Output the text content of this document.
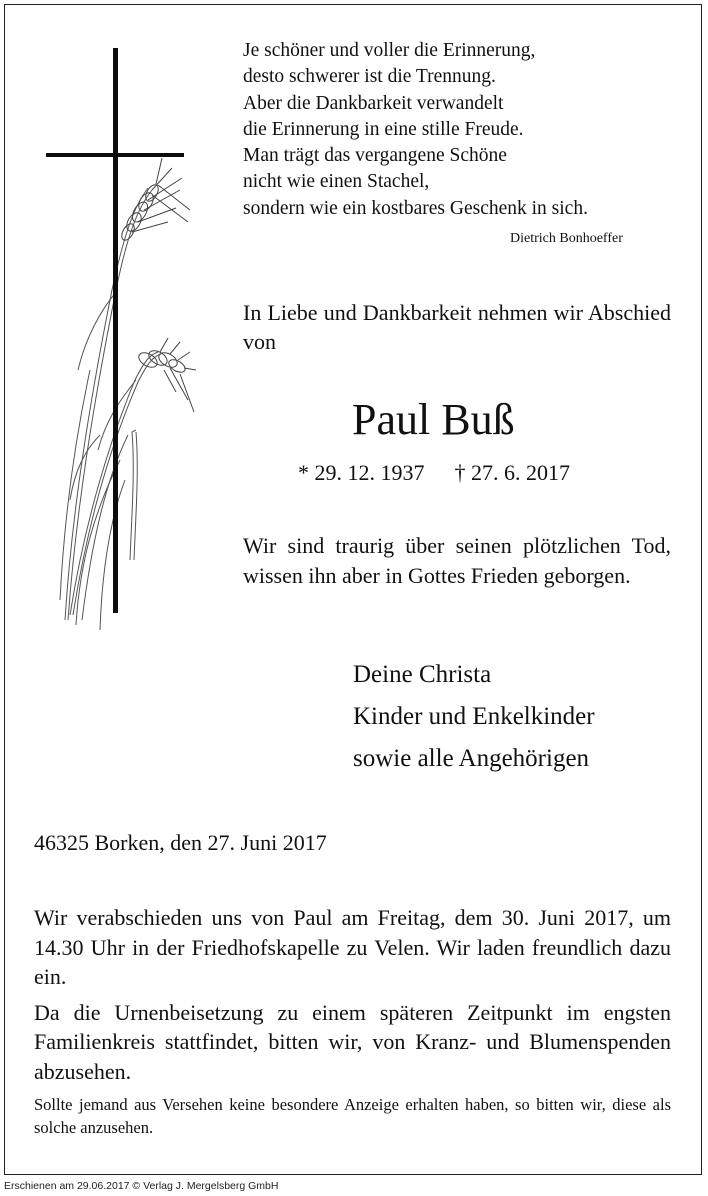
Je schöner und voller die Erinnerung,
desto schwerer ist die Trennung.
Aber die Dankbarkeit verwandelt
die Erinnerung in eine stille Freude.
Man trägt das vergangene Schöne
nicht wie einen Stachel,
sondern wie ein kostbares Geschenk in sich.
Dietrich Bonhoeffer
In Liebe und Dankbarkeit nehmen wir Abschied von
Paul Buß
* 29. 12. 1937 † 27. 6. 2017
Wir sind traurig über seinen plötzlichen Tod, wissen ihn aber in Gottes Frieden geborgen.
Deine Christa
Kinder und Enkelkinder
sowie alle Angehörigen
46325 Borken, den 27. Juni 2017

Wir verabschieden uns von Paul am Freitag, dem 30. Juni 2017, um 14.30 Uhr in der Friedhofskapelle zu Velen. Wir laden freundlich dazu ein.

Da die Urnenbeisetzung zu einem späteren Zeitpunkt im engsten Familienkreis stattfindet, bitten wir, von Kranz- und Blumenspenden abzusehen.

Sollte jemand aus Versehen keine besondere Anzeige erhalten haben, so bitten wir, diese als solche anzusehen.
Erschienen am 29.06.2017 © Verlag J. Mergelsberg GmbH
